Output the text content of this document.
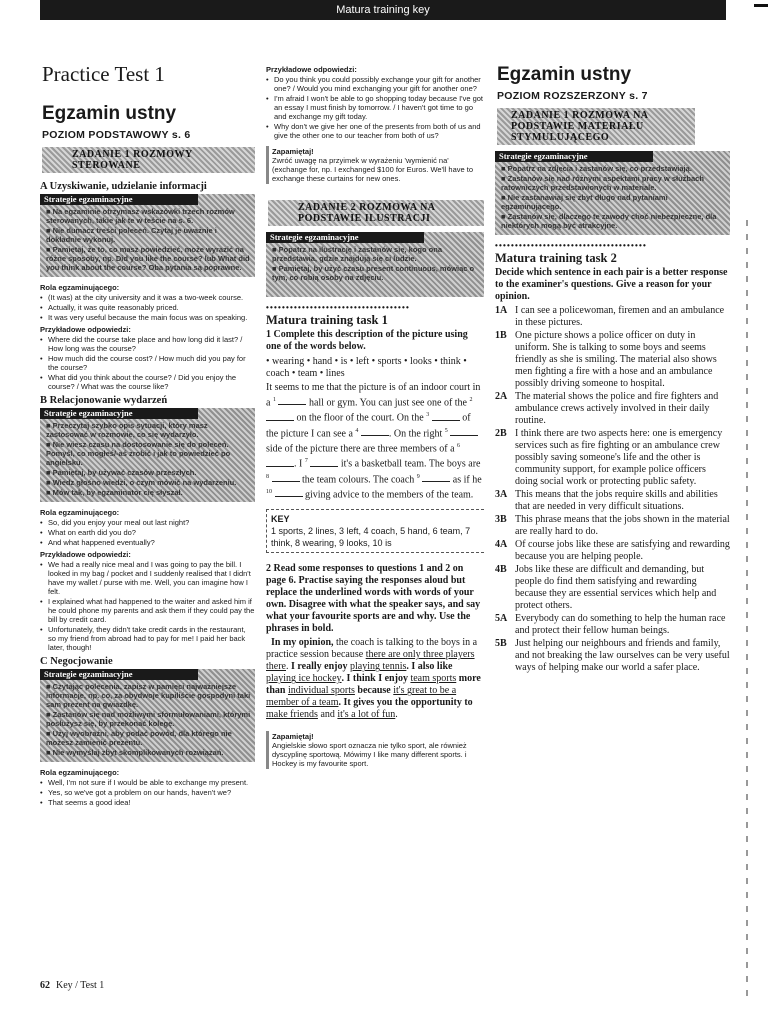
Matura training key
Practice Test 1
Egzamin ustny
POZIOM PODSTAWOWY s. 6
ZADANIE 1 ROZMOWY STEROWANE
A Uzyskiwanie, udzielanie informacji
Strategie egzaminacyjne
■ Na egzaminie otrzymasz wskazówki trzech rozmów sterowanych, takie jak te w teście na s. 6.
■ Nie dumacz treści poleceń. Czytaj je uważnie i dokładnie wykonuj.
■ Pamiętaj, że to, co masz powiedzieć, może wyrazić na różne sposoby, np. Did you like the course? lub What did you think about the course? Oba pytania są poprawne.
Rola egzaminującego:
• (It was) at the city university and it was a two-week course.
• Actually, it was quite reasonably priced.
• It was very useful because the main focus was on speaking.
Przykładowe odpowiedzi:
• Where did the course take place and how long did it last? / How long was the course?
• How much did the course cost? / How much did you pay for the course?
• What did you think about the course? / Did you enjoy the course? / What was the course like?
B Relacjonowanie wydarzeń
Strategie egzaminacyjne
■ Przeczytaj szybko opis sytuacji, który masz zastosować w rozmowie, co się wydarzyło.
■ Nie wiesz czasu na dostosowanie się do poleceń. Pomyśl, co mogłeś/-aś zrobić i jak to powiedzieć po angielsku.
■ Pamiętaj, by używać czasów przeszłych.
■ Wiedz głośno wiedzi, o czym mówić na wydarzeniu.
■ Mów tak, by egzaminator cię słyszał.
Rola egzaminującego:
• So, did you enjoy your meal out last night?
• What on earth did you do?
• And what happened eventually?
Przykładowe odpowiedzi:
• We had a really nice meal and I was going to pay the bill. I looked in my bag / pocket and I suddenly realised that I didn't have my wallet / purse with me. Well, you can imagine how I felt.
• I explained what had happened to the waiter and asked him if he could phone my parents and ask them if they could pay the bill by credit card.
• Unfortunately, they didn't take credit cards in the restaurant, so my friend from abroad had to pay for me! I paid her back later, though!
C Negocjowanie
Strategie egzaminacyjne
■ Czytając polecenia, zapisz w pamięci najważniejsze informacje, np. co, za obydwoje kupiliście gospodyni taki sam prezent na gwiazdkę.
■ Zastanów się nad możliwymi sformułowaniami, którymi posłużysz się, by przekonać kolegę.
■ Użyj wyobraźni, aby podać powód, dla którego nie możesz zamienić prezentu.
■ Nie wymyślaj zbyt skomplikowanych rozwiązań.
Rola egzaminującego:
• Well, I'm not sure if I would be able to exchange my present.
• Yes, so we've got a problem on our hands, haven't we?
• That seems a good idea!
Przykładowe odpowiedzi:
• Do you think you could possibly exchange your gift for another one? / Would you mind exchanging your gift for another one?
• I'm afraid I won't be able to go shopping today because I've got an essay I must finish by tomorrow. / I haven't got time to go and exchange my gift today.
• Why don't we give her one of the presents from both of us and give the other one to our teacher from both of us?
Zapamiętaj!
Zwróć uwagę na przyimek w wyrażeniu 'wymienić na' (exchange for, np. I exchanged $100 for Euros. We'll have to exchange these curtains for new ones.
ZADANIE 2 ROZMOWA NA PODSTAWIE ILUSTRACJI
Strategie egzaminacyjne
■ Popatrz na ilustrację i zastanów się, kogo ona przedstawia, gdzie znajdują się ci ludzie.
■ Pamiętaj, by użyć czasu present continuous, mówiąc o tym, co robią osoby na zdjęciu.
••••••••••••••••••••••••••••••••••••
Matura training task 1
1 Complete this description of the picture using one of the words below.
• wearing • hand • is • left • sports • looks • think • coach • team • lines
It seems to me that the picture is of an indoor court in a $^1$	hall or gym. You can just see one of the $^2$  on the floor of the court. On the $^3$	of the picture I can see a $^4$	. On the right $^5$  side of the picture there are three members of a $^6$ . I $^7$	it's a basketball team. The boys are $^8$	the team colours. The coach $^9$	as if he $^{10}$	giving advice to the members of the team.
KEY
1 sports, 2 lines, 3 left, 4 coach, 5 hand, 6 team, 7 think, 8 wearing, 9 looks, 10 is
2 Read some responses to questions 1 and 2 on page 6. Practise saying the responses aloud but replace the underlined words with words of your own. Disagree with what the speaker says, and say what your favourite sports are and why. Use the phrases in bold.
In my opinion, the coach is talking to the boys in a practice session because there are only three players there. I really enjoy playing tennis. I also like playing ice hockey. I think I enjoy team sports more than individual sports because it's great to be a member of a team. It gives you the opportunity to make friends and it's a lot of fun.
Zapamiętaj!
Angielskie słowo sport oznacza nie tylko sport, ale również dyscyplinę sportową. Mówimy I like many different sports. i Hockey is my favourite sport.
Egzamin ustny
POZIOM ROZSZERZONY s. 7
ZADANIE 1 ROZMOWA NA PODSTAWIE MATERIAŁU STYMULUJĄCEGO
Strategie egzaminacyjne
■ Popatrz na zdjęcia i zastanów się, co przedstawiają.
■ Zastanów się nad różnymi aspektami pracy w służbach ratowniczych przedstawionych w materiale.
■ Nie zastanawiaj się zbyt długo nad pytaniami egzaminującego.
■ Zastanów się, dlaczego te zawody choć niebezpieczne, dla niektórych mogą być atrakcyjne.
••••••••••••••••••••••••••••••••••••••
Matura training task 2
Decide which sentence in each pair is a better response to the examiner's questions. Give a reason for your opinion.
1A I can see a policewoman, firemen and an ambulance in these pictures.
1B One picture shows a police officer on duty in uniform. She is talking to some boys and seems friendly as she is smiling. The material also shows men fighting a fire with a hose and an ambulance possibly driving someone to hospital.
2A The material shows the police and fire fighters and ambulance crews actively involved in their daily routine.
2B I think there are two aspects here: one is emergency services such as fire fighting or an ambulance crew possibly saving someone's life and the other is community support, for example police officers doing social work or protecting public safety.
3A This means that the jobs require skills and abilities that are needed in very difficult situations.
3B This phrase means that the jobs shown in the material are really hard to do.
4A Of course jobs like these are satisfying and rewarding because you are helping people.
4B Jobs like these are difficult and demanding, but people do find them satisfying and rewarding because they are essential services which help and protect others.
5A Everybody can do something to help the human race and protect their fellow human beings.
5B Just helping our neighbours and friends and family, and not breaking the law ourselves can be very useful ways of helping make our world a safer place.
62 Key / Test 1
